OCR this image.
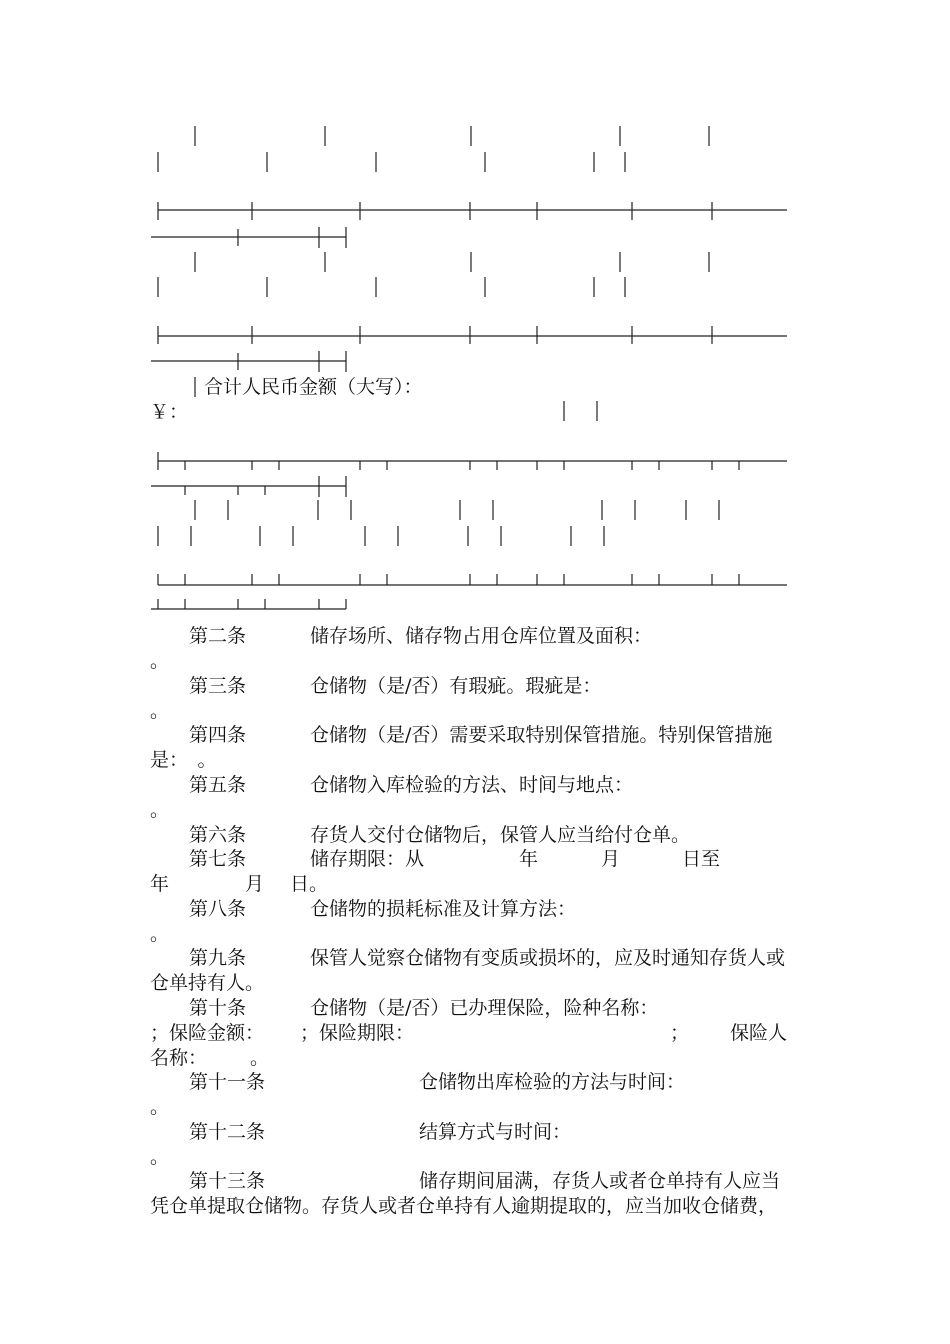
合计人民币金额（大写）：
￥：
第二条	储存场所、储存物占用仓库位置及面积：
。
第三条	仓储物（是/否）有瑕疵。瑕疵是：
。
第四条	仓储物（是/否）需要采取特别保管措施。特别保管措施
是：　。
第五条	仓储物入库检验的方法、时间与地点：
。
第六条	存货人交付仓储物后，保管人应当给付仓单。
第七条	储存期限：从	年	月	日至
年	月 日。
第八条	仓储物的损耗标准及计算方法：
。
第九条	保管人觉察仓储物有变质或损坏的，应及时通知存货人或
仓单持有人。
第十条	仓储物（是/否）已办理保险，险种名称：
；保险金额： ；保险期限：	； 保险人
名称： 。
第十一条	仓储物出库检验的方法与时间：
。
第十二条	结算方式与时间：
。
第十三条	储存期间届满，存货人或者仓单持有人应当
凭仓单提取仓储物。存货人或者仓单持有人逾期提取的，应当加收仓储费，
